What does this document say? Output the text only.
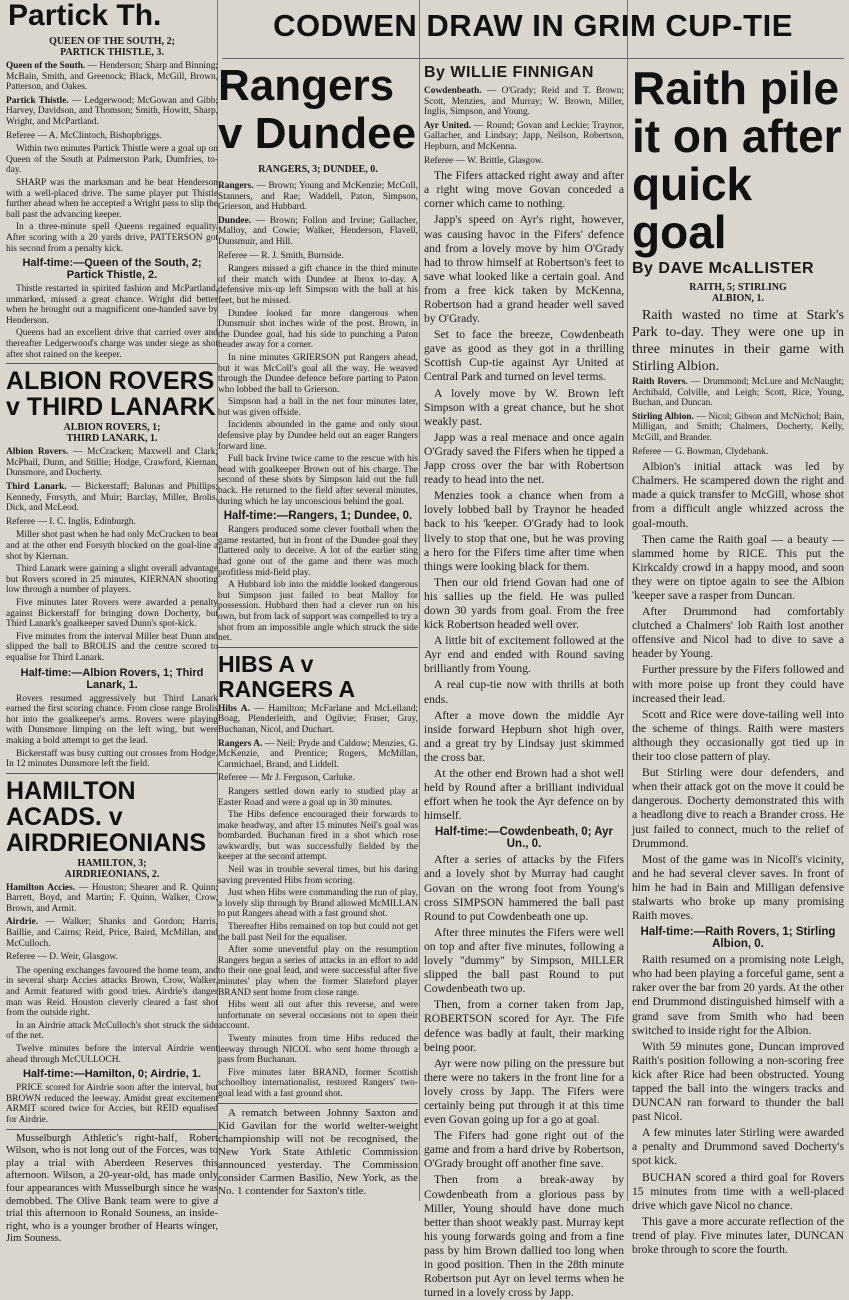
CODWEN DRAW IN GRIM CUP-TIE
Partick Th.
QUEEN OF THE SOUTH, 2;
PARTICK THISTLE, 3.

Queen of the South. — Henderson; Sharp and Binning; McBain, Smith, and Greenock; Black, McGill, Brown, Patterson, and Oakes.

Partick Thistle. — Ledgerwood; McGowan and Gibb; Harvey, Davidson, and Thomson; Smith, Howitt, Sharp, Wright, and McPartland.

Referee — A. McClintoch, Bishopbriggs.

Within two minutes Partick Thistle were a goal up on Queen of the South at Palmerston Park, Dumfries, to-day.

SHARP was the marksman and he beat Henderson with a well-placed drive. The same player put Thistle further ahead when he accepted a Wright pass to slip the ball past the advancing keeper.

In a three-minute spell Queens regained equality. After scoring with a 20 yards drive, PATTERSON got his second from a penalty kick.

Half-time:—Queen of the South, 2; Partick Thistle, 2.

Thistle restarted in spirited fashion and McPartland, unmarked, missed a great chance. Wright did better when he brought out a magnificent one-handed save by Henderson.

Queens had an excellent drive that carried over and thereafter Ledgerwood's charge was under siege as shot after shot rained on the keeper.

ALBION ROVERS v THIRD LANARK
ALBION ROVERS, 1;
THIRD LANARK, 1.

Albion Rovers. — McCracken; Maxwell and Clark; McPhail, Dunn, and Stillie; Hodge, Crawford, Kiernan, Dunsmore, and Docherty.

Third Lanark. — Bickerstaff; Balunas and Phillips; Kennedy, Forsyth, and Muir; Barclay, Miller, Brolis, Dick, and McLeod.

Referee — I. C. Inglis, Edinburgh.

Miller shot past when he had only McCracken to beat and at the other end Forsyth blocked on the goal-line a shot by Kiernan.

Third Lanark were gaining a slight overall advantage but Rovers scored in 25 minutes, KIERNAN shooting low through a number of players.

Five minutes later Rovers were awarded a penalty against Bickerstaff for bringing down Docherty, but Third Lanark's goalkeeper saved Dunn's spot-kick.

Five minutes from the interval Miller beat Dunn and slipped the ball to BROLIS and the centre scored to equalise for Third Lanark.

Half-time:—Albion Rovers, 1; Third Lanark, 1.

Rovers resumed aggressively but Third Lanark earned the first scoring chance. From close range Brolis hot into the goalkeeper's arms. Rovers were playing with Dunsmore limping on the left wing, but were making a bold attempt to get the lead.

Bickerstaff was busy cutting out crosses from Hodge. In 12 minutes Dunsmore left the field.

HAMILTON ACADS. v AIRDRIEONIANS
HAMILTON, 3;
AIRDRIEONIANS, 2.

Hamilton Accies. — Houston; Shearer and R. Quinn; Barrett, Boyd, and Martin; F. Quinn, Walker, Crow, Brown, and Armit.

Airdrie. — Walker; Shanks and Gordon; Harris, Baillie, and Cairns; Reid, Price, Baird, McMillan, and McCulloch.

Referee — D. Weir, Glasgow.

The opening exchanges favoured the home team, and in several sharp Accies attacks Brown, Crow, Walker, and Armit featured with good tries. Airdrie's danger man was Reid. Houston cleverly cleared a fast shot from the outside right.

In an Airdrie attack McCulloch's shot struck the side of the net.

Twelve minutes before the interval Airdrie went ahead through McCULLOCH.

Half-time:—Hamilton, 0; Airdrie, 1.

PRICE scored for Airdrie soon after the interval, but BROWN reduced the leeway. Amidst great excitement ARMIT scored twice for Accies, but REID equalised for Airdrie.

Musselburgh Athletic's right-half, Robert Wilson, who is not long out of the Forces, was to play a trial with Aberdeen Reserves this afternoon. Wilson, a 20-year-old, has made only four appearances with Musselburgh since he was demobbed. The Olive Bank team were to give a trial this afternoon to Ronald Souness, an inside-right, who is a younger brother of Hearts winger, Jim Souness.

Rangers v Dundee
RANGERS, 3; DUNDEE, 0.

Rangers. — Brown; Young and McKenzie; McColl, Stanners, and Rae; Waddell, Paton, Simpson, Grierson, and Hubbard.

Dundee. — Brown; Follon and Irvine; Gallacher, Malloy, and Cowie; Walker, Henderson, Flavell, Dunsmuir, and Hill.

Referee — R. J. Smith, Burnside.

Rangers missed a gift chance in the third minute of their match with Dundee at Ibrox to-day. A defensive mix-up left Simpson with the ball at his feet, but he missed.

Dundee looked far more dangerous when Dunsmuir shot inches wide of the post. Brown, in the Dundee goal, had his side to punching a Paton header away for a corner.

In nine minutes GRIERSON put Rangers ahead, but it was McColl's goal all the way. He weaved through the Dundee defence before parting to Paton who lobbed the ball to Grierson.

Simpson had a ball in the net four minutes later, but was given offside.

Incidents abounded in the game and only stout defensive play by Dundee held out an eager Rangers forward line.

Full back Irvine twice came to the rescue with his head with goalkeeper Brown out of his charge. The second of these shots by Simpson laid out the full back. He returned to the field after several minutes, during which he lay unconscious behind the goal.

Half-time:—Rangers, 1; Dundee, 0.

Rangers produced some clever football when the game restarted, but in front of the Dundee goal they flattered only to deceive. A lot of the earlier sting had gone out of the game and there was much profitless mid-field play.

A Hubbard lob into the middle looked dangerous but Simpson just failed to beat Malloy for possession. Hubbard then had a clever run on his own, but from lack of support was compelled to try a shot from an impossible angle which struck the side net.

HIBS A v RANGERS A

Hibs A. — Hamilton; McFarlane and McLelland; Boag, Plenderleith, and Ogilvie; Fraser, Gray, Buchanan, Nicol, and Duchart.

Rangers A. — Neil; Pryde and Caldow; Menzies, G. McKenzie, and Prentice; Rogers, McMillan, Carmichael, Brand, and Liddell.

Referee — Mr J. Ferguson, Carluke.

Rangers settled down early to studied play at Easter Road and were a goal up in 30 minutes.

The Hibs defence encouraged their forwards to make headway, and after 15 minutes Neil's goal was bombarded. Buchanan fired in a shot which rose awkwardly, but was successfully fielded by the keeper at the second attempt.

Neil was in trouble several times, but his daring saving prevented Hibs from scoring.

Just when Hibs were commanding the run of play, a lovely slip through by Brand allowed McMILLAN to put Rangers ahead with a fast ground shot.

Thereafter Hibs remained on top but could not get the ball past Neil for the equaliser.

After some uneventful play on the resumption Rangers began a series of attacks in an effort to add to their one goal lead, and were successful after five minutes' play when the former Slateford player BRAND sent home from close range.

Hibs went all out after this reverse, and were unfortunate on several occasions not to open their account.

Twenty minutes from time Hibs reduced the leeway through NICOL who sent home through a pass from Buchanan.

Five minutes later BRAND, former Scottish schoolboy internationalist, restored Rangers' two-goal lead with a fast ground shot.

A rematch between Johnny Saxton and Kid Gavilan for the world welter-weight championship will not be recognised, the New York State Athletic Commission announced yesterday. The Commission consider Carmen Basilio, New York, as the No. 1 contender for Saxton's title.

By WILLIE FINNIGAN

Cowdenbeath. — O'Grady; Reid and T. Brown; Scott, Menzies, and Murray; W. Brown, Miller, Inglis, Simpson, and Young.

Ayr United. — Round; Govan and Leckie; Traynor, Gallacher, and Lindsay; Japp, Neilson, Robertson, Hepburn, and McKenna.

Referee — W. Brittle, Glasgow.

The Fifers attacked right away and after a right wing move Govan conceded a corner which came to nothing.

Japp's speed on Ayr's right, however, was causing havoc in the Fifers' defence and from a lovely move by him O'Grady had to throw himself at Robertson's feet to save what looked like a certain goal. And from a free kick taken by McKenna, Robertson had a grand header well saved by O'Grady.

Set to face the breeze, Cowdenbeath gave as good as they got in a thrilling Scottish Cup-tie against Ayr United at Central Park and turned on level terms.

A lovely move by W. Brown left Simpson with a great chance, but he shot weakly past.

Japp was a real menace and once again O'Grady saved the Fifers when he tipped a Japp cross over the bar with Robertson ready to head into the net.

Menzies took a chance when from a lovely lobbed ball by Traynor he headed back to his 'keeper. O'Grady had to look lively to stop that one, but he was proving a hero for the Fifers time after time when things were looking black for them.

Then our old friend Govan had one of his sallies up the field. He was pulled down 30 yards from goal. From the free kick Robertson headed well over.

A little bit of excitement followed at the Ayr end and ended with Round saving brilliantly from Young.

A real cup-tie now with thrills at both ends.

After a move down the middle Ayr inside forward Hepburn shot high over, and a great try by Lindsay just skimmed the cross bar.

At the other end Brown had a shot well held by Round after a brilliant individual effort when he took the Ayr defence on by himself.

Half-time:—Cowdenbeath, 0; Ayr Un., 0.

After a series of attacks by the Fifers and a lovely shot by Murray had caught Govan on the wrong foot from Young's cross SIMPSON hammered the ball past Round to put Cowdenbeath one up.

After three minutes the Fifers were well on top and after five minutes, following a lovely "dummy" by Simpson, MILLER slipped the ball past Round to put Cowdenbeath two up.

Then, from a corner taken from Jap, ROBERTSON scored for Ayr. The Fife defence was badly at fault, their marking being poor.

Ayr were now piling on the pressure but there were no takers in the front line for a lovely cross by Japp. The Fifers were certainly being put through it at this time even Govan going up for a go at goal.

The Fifers had gone right out of the game and from a hard drive by Robertson, O'Grady brought off another fine save.

Then from a break-away by Cowdenbeath from a glorious pass by Miller, Young should have done much better than shoot weakly past. Murray kept his young forwards going and from a fine pass by him Brown dallied too long when in good position. Then in the 28th minute Robertson put Ayr on level terms when he turned in a lovely cross by Japp.

Raith pile it on after quick goal
By DAVE McALLISTER
RAITH, 5; STIRLING
ALBION, 1.

Raith wasted no time at Stark's Park to-day. They were one up in three minutes in their game with Stirling Albion.

Raith Rovers. — Drummond; McLure and McNaught; Archibald, Colville, and Leigh; Scott, Rice, Young, Buchan, and Duncan.

Stirling Albion. — Nicol; Gibson and McNichol; Bain, Milligan, and Smith; Chalmers, Docherty, Kelly, McGill, and Brander.

Referee — G. Bowman, Clydebank.

Albion's initial attack was led by Chalmers. He scampered down the right and made a quick transfer to McGill, whose shot from a difficult angle whizzed across the goal-mouth.

Then came the Raith goal — a beauty — slammed home by RICE. This put the Kirkcaldy crowd in a happy mood, and soon they were on tiptoe again to see the Albion 'keeper save a rasper from Duncan.

After Drummond had comfortably clutched a Chalmers' lob Raith lost another offensive and Nicol had to dive to save a header by Young.

Further pressure by the Fifers followed and with more poise up front they could have increased their lead.

Scott and Rice were dove-tailing well into the scheme of things. Raith were masters although they occasionally got tied up in their too close pattern of play.

But Stirling were dour defenders, and when their attack got on the move it could be dangerous. Docherty demonstrated this with a headlong dive to reach a Brander cross. He just failed to connect, much to the relief of Drummond.

Most of the game was in Nicoll's vicinity, and he had several clever saves. In front of him he had in Bain and Milligan defensive stalwarts who broke up many promising Raith moves.

Half-time:—Raith Rovers, 1; Stirling Albion, 0.

Raith resumed on a promising note Leigh, who had been playing a forceful game, sent a raker over the bar from 20 yards. At the other end Drummond distinguished himself with a grand save from Smith who had been switched to inside right for the Albion.

With 59 minutes gone, Duncan improved Raith's position following a non-scoring free kick after Rice had been obstructed. Young tapped the ball into the wingers tracks and DUNCAN ran forward to thunder the ball past Nicol.

A few minutes later Stirling were awarded a penalty and Drummond saved Docherty's spot kick.

BUCHAN scored a third goal for Rovers 15 minutes from time with a well-placed drive which gave Nicol no chance.

This gave a more accurate reflection of the trend of play. Five minutes later, DUNCAN broke through to score the fourth.
